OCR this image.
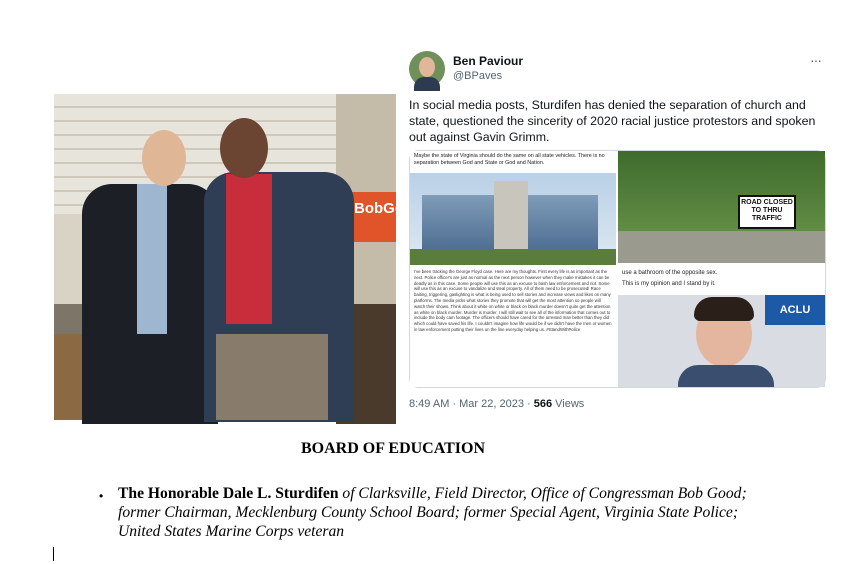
BobGo
Ben Paviour
@BPaves
···
In social media posts, Sturdifen has denied the separation of church and state, questioned the sincerity of 2020 racial justice protestors and spoken out against Gavin Grimm.
Maybe the state of Virginia should do the same on all state vehicles. There is no separation between God and State or God and Nation.
I've been tracking the George Floyd case. Here are my thoughts. First every life is as important as the next. Police officer's are just as normal as the next person however when they make mistakes it can be deadly as in this case. Some people will use this as an excuse to bash law enforcement and riot. Some will use this as an excuse to vandalize and steal property. All of them need to be prosecuted! Race baiting, triggering, gaslighting is what is being used to sell stories and increase views and likes on many platforms. The media picks what stories they promote that will get the most attention so people will watch their shows. Think about it white on white or black on black murder doesn't quite get the attention as white on black murder. Murder is murder. I will still wait to see all of the information that comes out to include the body cam footage. The officers should have cared for the arrested man better than they did which could have saved his life. I couldn't imagine how life would be if we didn't have the men or women in law enforcement putting their lives on the line everyday helping us. #StandWithPolice
ROAD CLOSED TO THRU TRAFFIC
use a bathroom of the opposite sex.
This is my opinion and I stand by it.
ACLU
8:49 AM · Mar 22, 2023 · 566 Views
BOARD OF EDUCATION
• The Honorable Dale L. Sturdifen of Clarksville, Field Director, Office of Congressman Bob Good; former Chairman, Mecklenburg County School Board; former Special Agent, Virginia State Police; United States Marine Corps veteran
